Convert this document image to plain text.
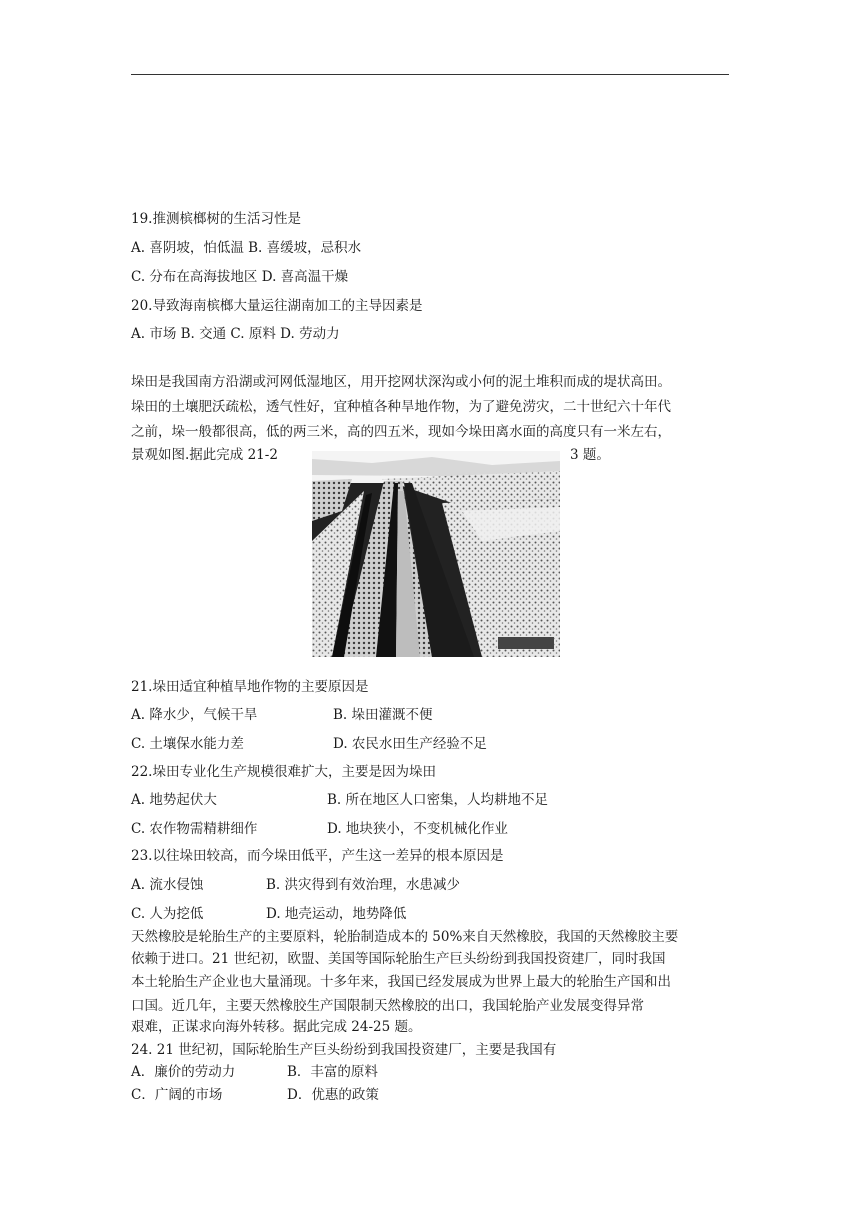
19.推测槟榔树的生活习性是
A. 喜阴坡，怕低温 B. 喜缓坡，忌积水
C. 分布在高海拔地区 D. 喜高温干燥
20.导致海南槟榔大量运往湖南加工的主导因素是
A. 市场 B. 交通 C. 原料 D. 劳动力
垛田是我国南方沿湖或河网低湿地区，用开挖网状深沟或小何的泥土堆积而成的堤状高田。
垛田的土壤肥沃疏松，透气性好，宜种植各种旱地作物，为了避免涝灾，二十世纪六十年代
之前，垛一般都很高，低的两三米，高的四五米，现如今垛田离水面的高度只有一米左右，
景观如图.据此完成 21-2	3 题。
21.垛田适宜种植旱地作物的主要原因是
A. 降水少，气候干旱	B. 垛田灌溉不便
C. 土壤保水能力差	D. 农民水田生产经验不足
22.垛田专业化生产规模很难扩大，主要是因为垛田
A. 地势起伏大	B. 所在地区人口密集，人均耕地不足
C. 农作物需精耕细作	D. 地块狭小，不变机械化作业
23.以往垛田较高，而今垛田低平，产生这一差异的根本原因是
A. 流水侵蚀	B. 洪灾得到有效治理，水患减少
C. 人为挖低	D. 地壳运动，地势降低
天然橡胶是轮胎生产的主要原料，轮胎制造成本的 50%来自天然橡胶，我国的天然橡胶主要
依赖于进口。21 世纪初，欧盟、美国等国际轮胎生产巨头纷纷到我国投资建厂，同时我国
本土轮胎生产企业也大量涌现。十多年来，我国已经发展成为世界上最大的轮胎生产国和出
口国。近几年，主要天然橡胶生产国限制天然橡胶的出口，我国轮胎产业发展变得异常
艰难，正谋求向海外转移。据此完成 24-25 题。
24. 21 世纪初，国际轮胎生产巨头纷纷到我国投资建厂，主要是我国有
A．廉价的劳动力	B．丰富的原料
C．广阔的市场	D．优惠的政策
